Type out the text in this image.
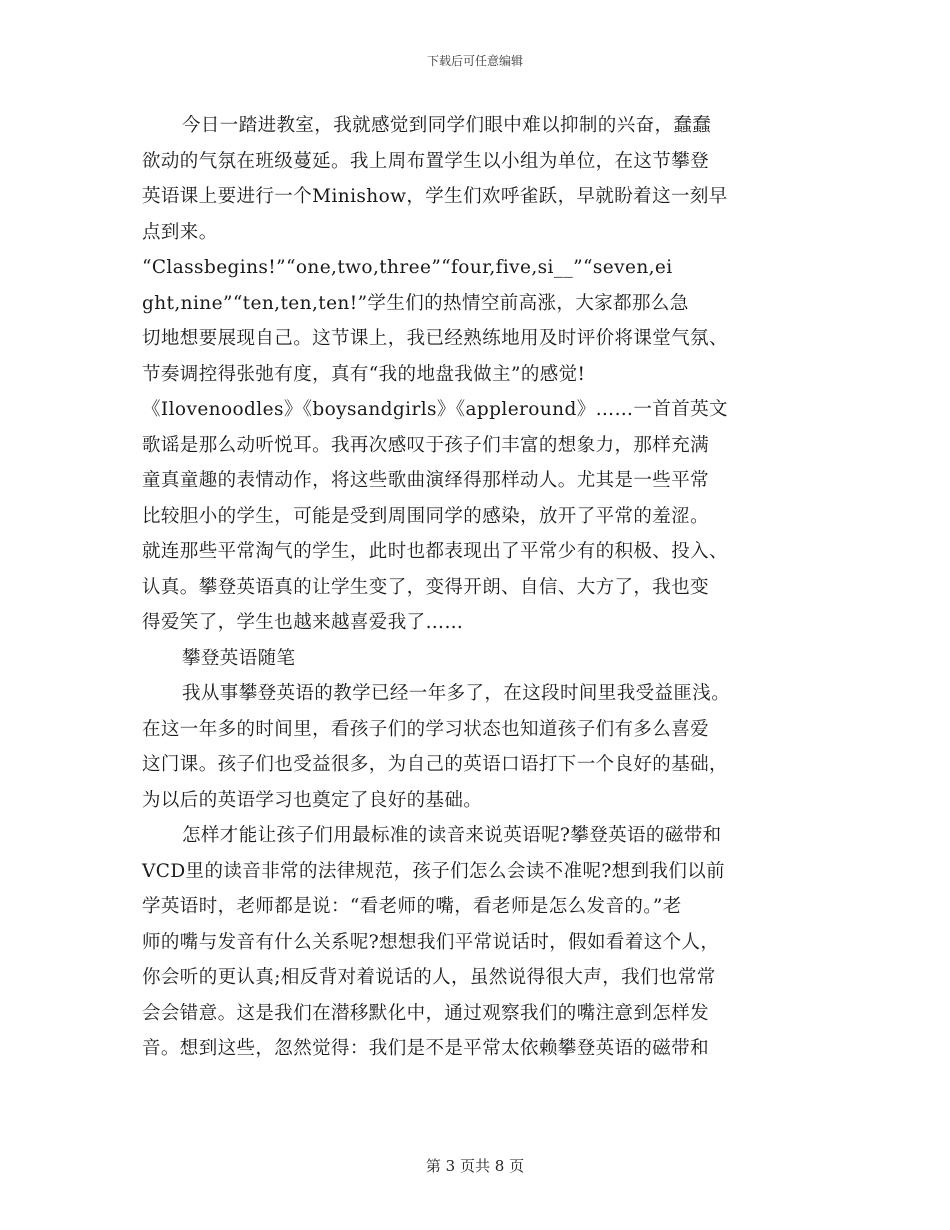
下载后可任意编辑
今日一踏进教室，我就感觉到同学们眼中难以抑制的兴奋，蠢蠢
欲动的气氛在班级蔓延。我上周布置学生以小组为单位，在这节攀登
英语课上要进行一个Minishow，学生们欢呼雀跃，早就盼着这一刻早
点到来。
“Classbegins!”“one,two,three”“four,five,si__”“seven,ei
ght,nine”“ten,ten,ten!”学生们的热情空前高涨，大家都那么急
切地想要展现自己。这节课上，我已经熟练地用及时评价将课堂气氛、
节奏调控得张弛有度，真有“我的地盘我做主”的感觉!
《Ilovenoodles》《boysandgirls》《appleround》……一首首英文
歌谣是那么动听悦耳。我再次感叹于孩子们丰富的想象力，那样充满
童真童趣的表情动作，将这些歌曲演绎得那样动人。尤其是一些平常
比较胆小的学生，可能是受到周围同学的感染，放开了平常的羞涩。
就连那些平常淘气的学生，此时也都表现出了平常少有的积极、投入、
认真。攀登英语真的让学生变了，变得开朗、自信、大方了，我也变
得爱笑了，学生也越来越喜爱我了……
攀登英语随笔
我从事攀登英语的教学已经一年多了，在这段时间里我受益匪浅。
在这一年多的时间里，看孩子们的学习状态也知道孩子们有多么喜爱
这门课。孩子们也受益很多，为自己的英语口语打下一个良好的基础，
为以后的英语学习也奠定了良好的基础。
怎样才能让孩子们用最标准的读音来说英语呢?攀登英语的磁带和
VCD里的读音非常的法律规范，孩子们怎么会读不准呢?想到我们以前
学英语时，老师都是说：“看老师的嘴，看老师是怎么发音的。”老
师的嘴与发音有什么关系呢?想想我们平常说话时，假如看着这个人，
你会听的更认真;相反背对着说话的人，虽然说得很大声，我们也常常
会会错意。这是我们在潜移默化中，通过观察我们的嘴注意到怎样发
音。想到这些，忽然觉得：我们是不是平常太依赖攀登英语的磁带和
第 3 页共 8 页
